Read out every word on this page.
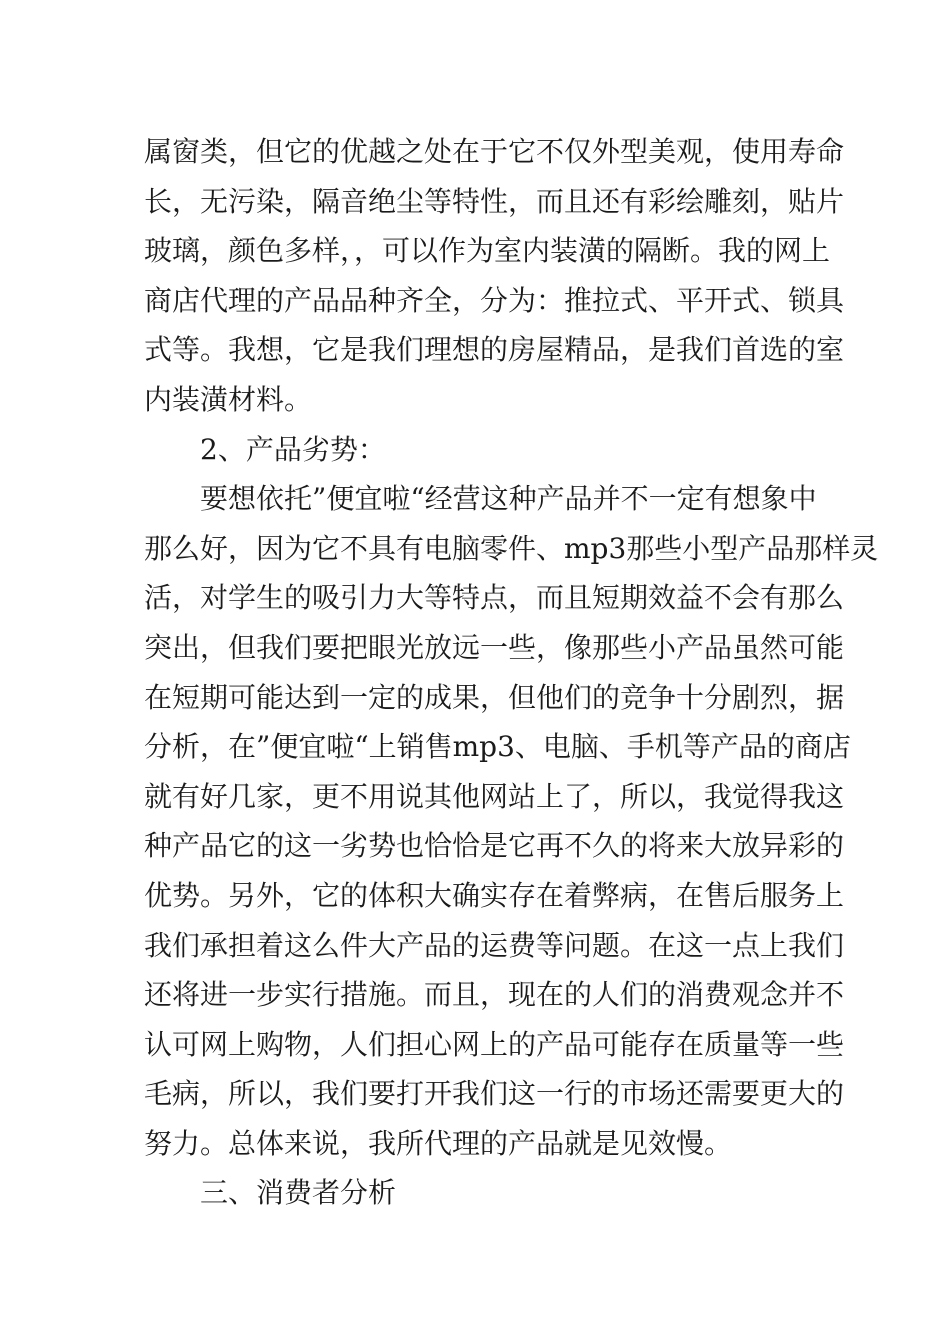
属窗类，但它的优越之处在于它不仅外型美观，使用寿命
长，无污染，隔音绝尘等特性，而且还有彩绘雕刻，贴片
玻璃，颜色多样，，可以作为室内装潢的隔断。我的网上
商店代理的产品品种齐全，分为：推拉式、平开式、锁具
式等。我想，它是我们理想的房屋精品，是我们首选的室
内装潢材料。
2、产品劣势：
要想依托”便宜啦“经营这种产品并不一定有想象中
那么好，因为它不具有电脑零件、mp3那些小型产品那样灵
活，对学生的吸引力大等特点，而且短期效益不会有那么
突出，但我们要把眼光放远一些，像那些小产品虽然可能
在短期可能达到一定的成果，但他们的竞争十分剧烈，据
分析，在”便宜啦“上销售mp3、电脑、手机等产品的商店
就有好几家，更不用说其他网站上了，所以，我觉得我这
种产品它的这一劣势也恰恰是它再不久的将来大放异彩的
优势。另外，它的体积大确实存在着弊病，在售后服务上
我们承担着这么件大产品的运费等问题。在这一点上我们
还将进一步实行措施。而且，现在的人们的消费观念并不
认可网上购物，人们担心网上的产品可能存在质量等一些
毛病，所以，我们要打开我们这一行的市场还需要更大的
努力。总体来说，我所代理的产品就是见效慢。
三、消费者分析
